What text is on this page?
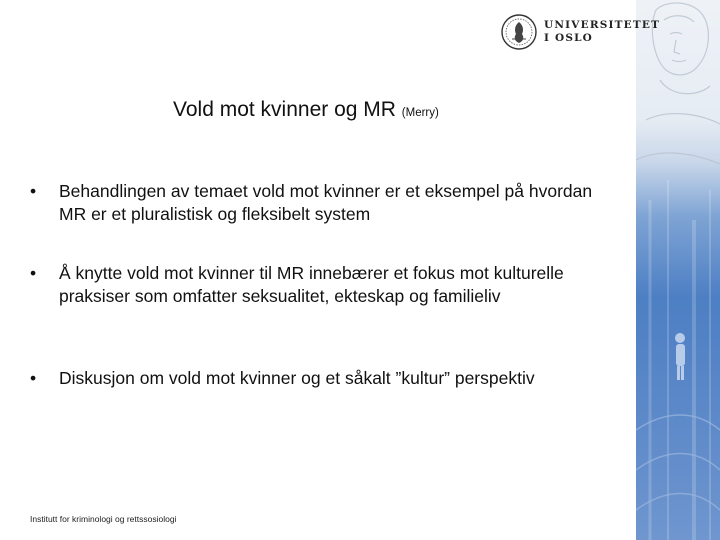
UNIVERSITETET
I OSLO
Vold mot kvinner og MR (Merry)
• Behandlingen av temaet vold mot kvinner er et eksempel på hvordan MR er et pluralistisk og fleksibelt system
• Å knytte vold mot kvinner til MR innebærer et fokus mot kulturelle praksiser som omfatter seksualitet, ekteskap og familieliv
• Diskusjon om vold mot kvinner og et såkalt ”kultur” perspektiv
Institutt for kriminologi og rettssosiologi
